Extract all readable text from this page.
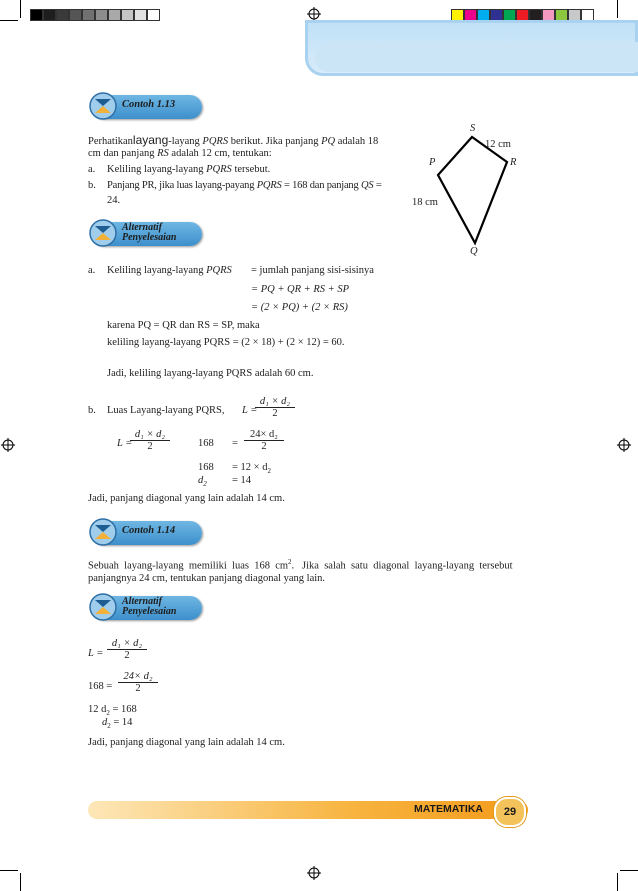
Contoh 1.13
Perhatikanlayang-layang PQRS berikut. Jika panjang PQ adalah 18
cm dan panjang RS adalah 12 cm, tentukan:
a. Keliling layang-layang PQRS tersebut.
b. Panjang PR, jika luas layang-payang PQRS = 168 dan panjang QS =
24.
S
P	R
Q
12 cm
18 cm
Alternatif
Penyelesaian
a. Keliling layang-layang PQRS = jumlah panjang sisi-sisinya
= PQ + QR + RS + SP
= (2 × PQ) + (2 × RS)
karena PQ = QR dan RS = SP, maka
keliling layang-layang PQRS = (2 × 18) + (2 × 12) = 60.
Jadi, keliling layang-layang PQRS adalah 60 cm.
b. Luas Layang-layang PQRS, L =
$\frac{\text{d₁ × d₂}}{2}$
L =
$\frac{\text{d₁ × d₂}}{2}$	$168 = \frac{\text{24× d₂}}{2}$
$168 = 12 \times d_2$
$d_2 = 14$
Jadi, panjang diagonal yang lain adalah 14 cm.
Contoh 1.14
Sebuah  layang-layang  memiliki  luas  168  $cm^2$.   Jika  salah  satu  diagonal  layang-layang  tersebut
panjangnya 24 cm, tentukan panjang diagonal yang lain.
Alternatif
Penyelesaian
$L = \frac{\text{d₁ × d₂}}{2}$
$168 = \frac{\text{24× d₂}}{2}$
12 $d_2 = 168$
$d_2 = 14$
Jadi, panjang diagonal yang lain adalah 14 cm.
MATEMATIKA	29
